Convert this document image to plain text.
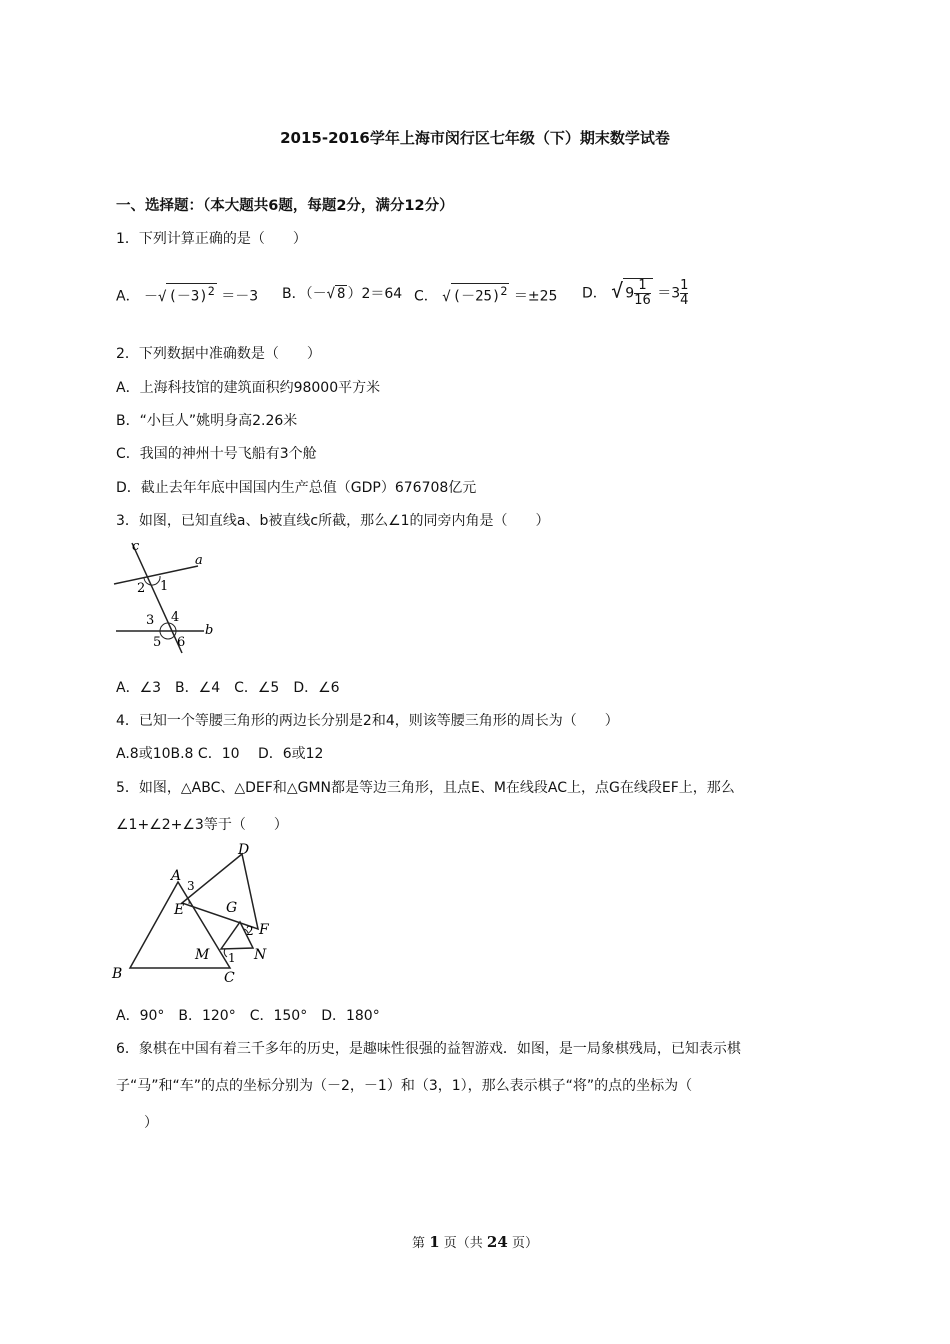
2015-2016学年上海市闵行区七年级（下）期末数学试卷
一、选择题：（本大题共6题，每题2分，满分12分）
1．下列计算正确的是（　　）
A． －√ $(-3)^2 =-3$ B．（－√ 8 ）2＝64 C． √ $(-25)^2 =\pm 25$ D． √ $9 \frac{1}{16} =3 \frac{1}{4}$
2．下列数据中准确数是（　　）
A．上海科技馆的建筑面积约98000平方米
B．“小巨人”姚明身高2.26米
C．我国的神州十号飞船有3个舱
D．截止去年年底中国国内生产总值（GDP）676708亿元
3．如图，已知直线a、b被直线c所截，那么∠1的同旁内角是（　　）
c
a
2 1
3 4
5 6
b
A．∠3　B．∠4　C．∠5　D．∠6
4．已知一个等腰三角形的两边长分别是2和4，则该等腰三角形的周长为（　　）
A.8或10B.8 C．10　 D．6或12
5．如图，△ABC、△DEF和△GMN都是等边三角形，且点E、M在线段AC上，点G在线段EF上，那么
∠1+∠2+∠3等于（　　）
D
A
3
E	G
F
2
N
M 1
B	C
A．90°　B．120°　C．150°　D．180°
6．象棋在中国有着三千多年的历史，是趣味性很强的益智游戏．如图，是一局象棋残局，已知表示棋
子“马”和“车”的点的坐标分别为（－2，－1）和（3，1），那么表示棋子“将”的点的坐标为（
　　）
第 1 页（共 24 页）
